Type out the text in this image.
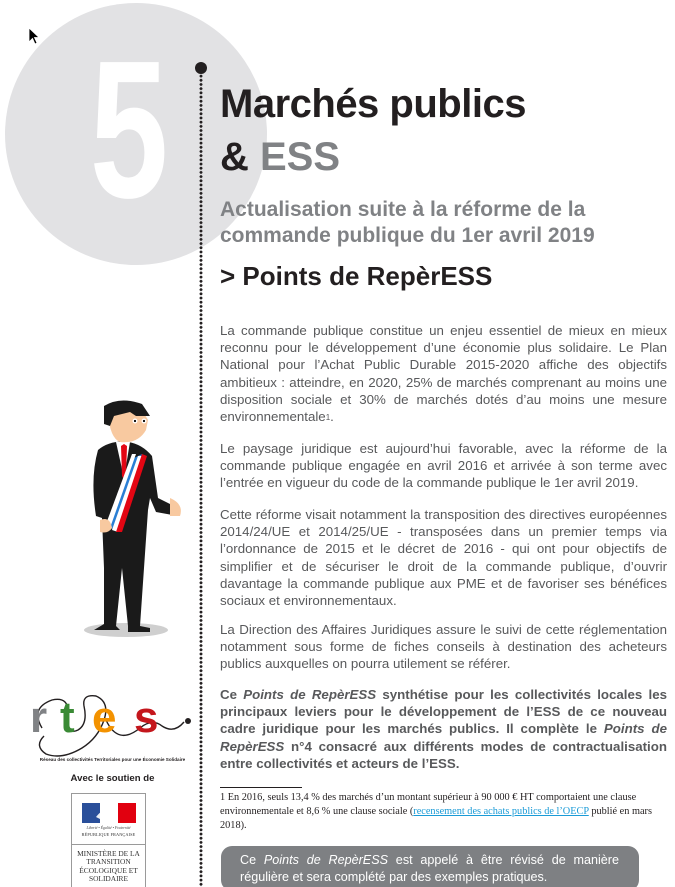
5 Marchés publics
& ESS
Actualisation suite à la réforme de la commande publique du 1er avril 2019
> Points de RepèrESS

La commande publique constitue un enjeu essentiel de mieux en mieux reconnu pour le développement d’une économie plus solidaire. Le Plan National pour l’Achat Public Durable 2015-2020 affiche des objectifs ambitieux : atteindre, en 2020, 25% de marchés comprenant au moins une disposition sociale et 30% de marchés dotés d’au moins une mesure environnementale$^1$.

Le paysage juridique est aujourd’hui favorable, avec la réforme de la commande publique engagée en avril 2016 et arrivée à son terme avec l’entrée en vigueur du code de la commande publique le 1er avril 2019.

Cette réforme visait notamment la transposition des directives européennes 2014/24/UE et 2014/25/UE - transposées dans un premier temps via l’ordonnance de 2015 et le décret de 2016 - qui ont pour objectifs de simplifier et de sécuriser le droit de la commande publique, d’ouvrir davantage la commande publique aux PME et de favoriser ses bénéfices sociaux et environnementaux.

La Direction des Affaires Juridiques assure le suivi de cette réglementation notamment sous forme de fiches conseils à destination des acheteurs publics auxquelles on pourra utilement se référer.

Ce Points de RepèrESS synthétise pour les collectivités locales les principaux leviers pour le développement de l’ESS de ce nouveau cadre juridique pour les marchés publics. Il complète le Points de RepèrESS n°4 consacré aux différents modes de contractualisation entre collectivités et acteurs de l’ESS.

1 En 2016, seuls 13,4 % des marchés d’un montant supérieur à 90 000 € HT comportaient une clause environnementale et 8,6 % une clause sociale (recensement des achats publics de l’OECP publié en mars 2018).

Ce Points de RepèrESS est appelé à être révisé de manière régulière et sera complété par des exemples pratiques.
r t e s
Réseau des collectivités Territoriales pour une Économie Solidaire
Avec le soutien de
Liberté • Égalité • Fraternité
RÉPUBLIQUE FRANÇAISE
MINISTÈRE DE LA TRANSITION ÉCOLOGIQUE ET SOLIDAIRE
